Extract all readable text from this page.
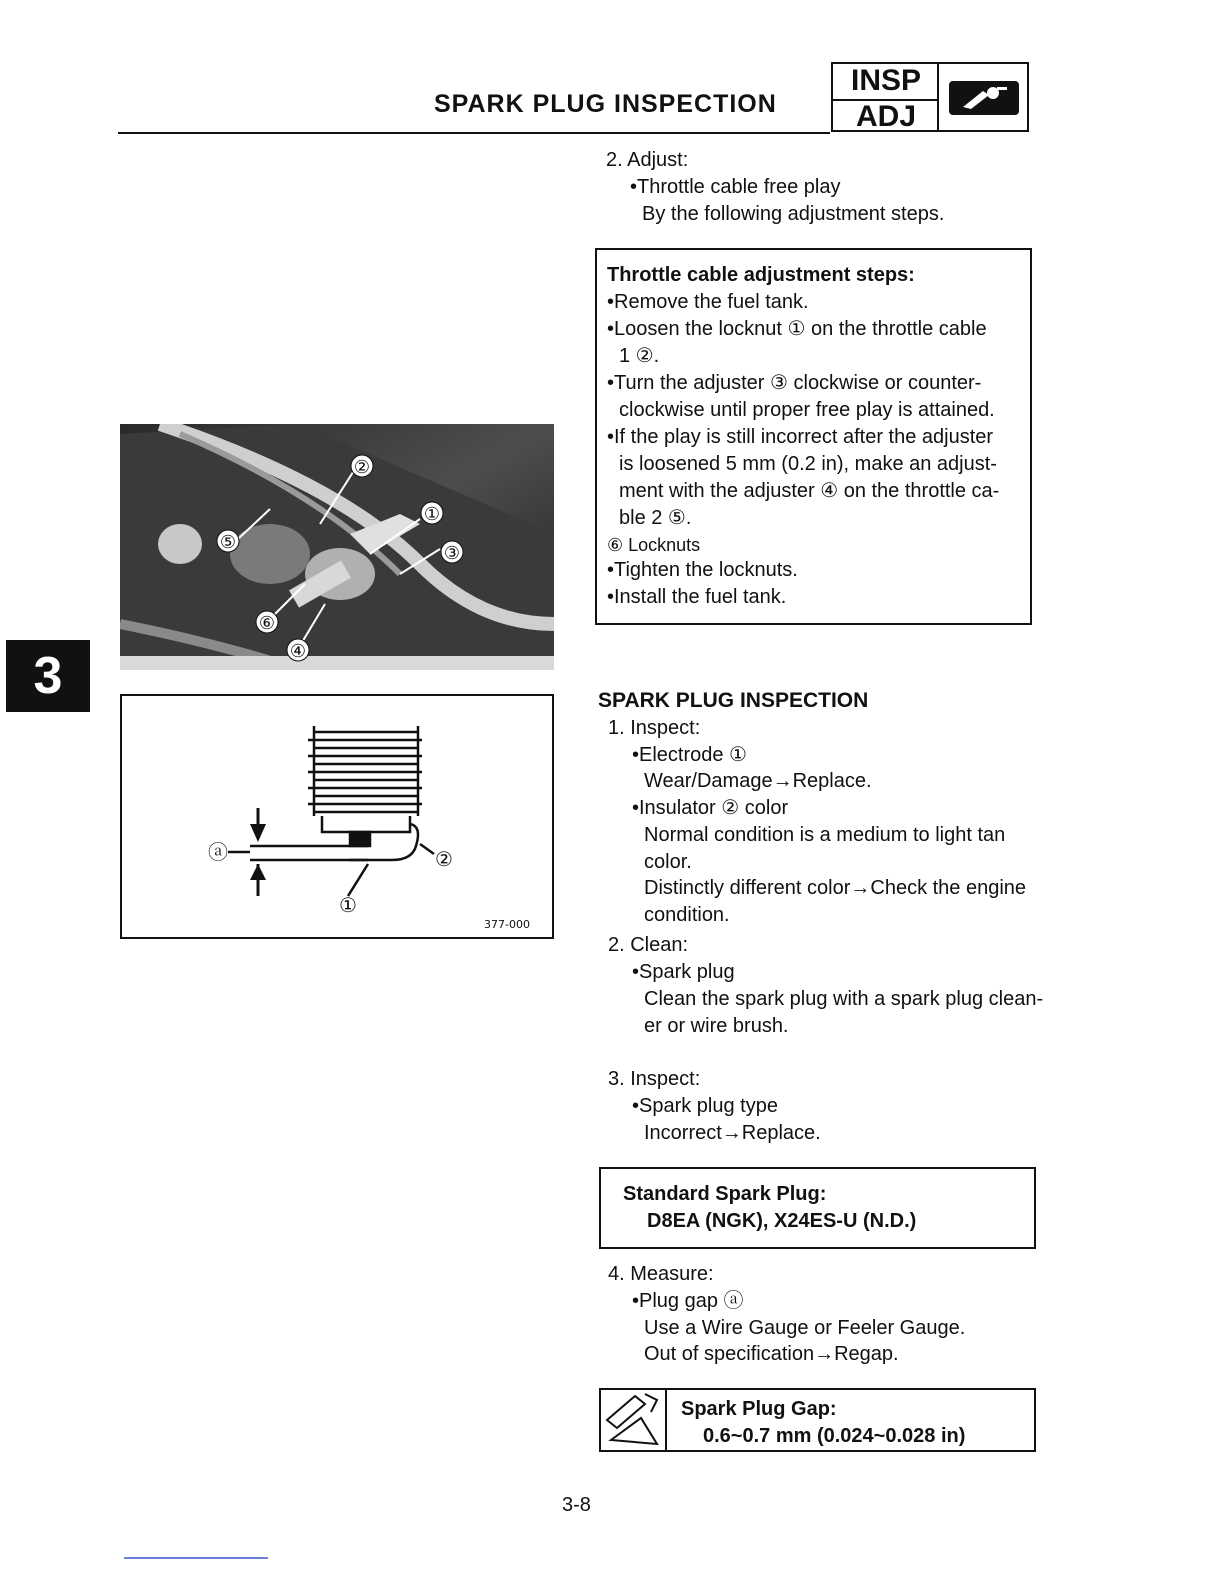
SPARK PLUG INSPECTION
INSP
ADJ
3
2. Adjust:
•Throttle cable free play
By the following adjustment steps.
Throttle cable adjustment steps:
•Remove the fuel tank.
•Loosen the locknut ① on the throttle cable
1 ②.
•Turn the adjuster ③ clockwise or counter-
clockwise until proper free play is attained.
•If the play is still incorrect after the adjuster
is loosened 5 mm (0.2 in), make an adjust-
ment with the adjuster ④ on the throttle ca-
ble 2 ⑤.
⑥ Locknuts
•Tighten the locknuts.
•Install the fuel tank.
②
①
③
⑤
⑥
④
ⓐ
①
②
377-000
SPARK PLUG INSPECTION
1. Inspect:
•Electrode ①
Wear/Damage→Replace.
•Insulator ② color
Normal condition is a medium to light tan
color.
Distinctly different color→Check the engine
condition.
2. Clean:
•Spark plug
Clean the spark plug with a spark plug clean-
er or wire brush.
3. Inspect:
•Spark plug type
Incorrect→Replace.
Standard Spark Plug:
D8EA (NGK), X24ES-U (N.D.)
4. Measure:
•Plug gap ⓐ
Use a Wire Gauge or Feeler Gauge.
Out of specification→Regap.
Spark Plug Gap:
0.6~0.7 mm (0.024~0.028 in)
3-8
